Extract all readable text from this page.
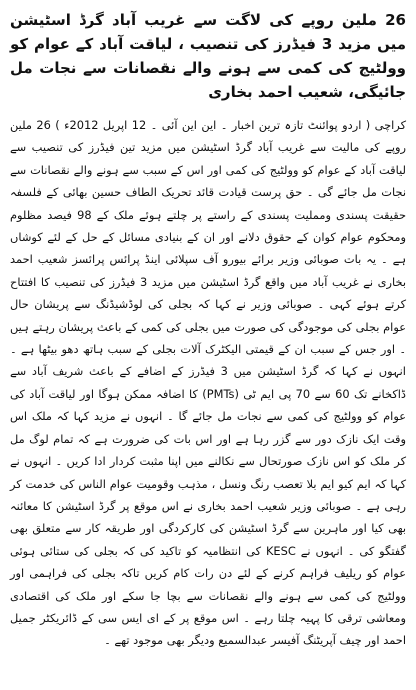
26 ملین روپے کی لاگت سے غریب آباد گرڈ اسٹیشن میں مزید 3 فیڈرز کی تنصیب ، لیاقت آباد کے عوام کو وولٹیج کی کمی سے ہونے والے نقصانات سے نجات مل جائیگی، شعیب احمد بخاری

کراچی ( اردو پوائنٹ تازہ ترین اخبار ۔ این این آئی ۔ 12 اپریل 2012ء ) 26 ملین روپے کی مالیت سے غریب آباد گرڈ اسٹیشن میں مزید تین فیڈرز کی تنصیب سے لیاقت آباد کے عوام کو وولٹیج کی کمی اور اس کے سبب سے ہونے والے نقصانات سے نجات مل جائے گی ۔ حق پرست قیادت قائد تحریک الطاف حسین بھائی کے فلسفہ حقیقت پسندی ومملیت پسندی کے راستے پر چلتے ہوئے ملک کے 98 فیصد مظلوم ومحکوم عوام کوان کے حقوق دلانے اور ان کے بنیادی مسائل کے حل کے لئے کوشاں ہے ۔ یہ بات صوبائی وزیر برائے بیورو آف سپلائی اینڈ پرائس پرائسز شعیب احمد بخاری نے غریب آباد میں واقع گرڈ اسٹیشن میں مزید 3 فیڈرز کی تنصیب کا افتتاح کرتے ہوئے کہی ۔ صوبائی وزیر نے کہا کہ بجلی کی لوڈشیڈنگ سے پریشان حال عوام بجلی کی موجودگی کی صورت میں بجلی کی کمی کے باعث پریشان رہتے ہیں ۔ اور جس کے سبب ان کے قیمتی الیکٹرک آلات بجلی کے سبب ہاتھ دھو بیٹھا ہے ۔ انہوں نے کہا کہ گرڈ اسٹیشن میں 3 فیڈرز کے اضافے کے باعث شریف آباد سے ڈاکخانے تک 60 سے 70 پی ایم ٹی (PMTs) کا اضافہ ممکن ہوگا اور لیاقت آباد کی عوام کو وولٹیج کی کمی سے نجات مل جائے گا ۔ انہوں نے مزید کہا کہ ملک اس وقت ایک نازک دور سے گزر رہا ہے اور اس بات کی ضرورت ہے کہ تمام لوگ مل کر ملک کو اس نازک صورتحال سے نکالنے میں اپنا مثبت کردار ادا کریں ۔ انہوں نے کہا کہ ایم کیو ایم بلا تعصب رنگ ونسل ، مذہب وقومیت عوام الناس کی خدمت کر رہی ہے ۔ صوبائی وزیر شعیب احمد بخاری نے اس موقع پر گرڈ اسٹیشن کا معائنہ بھی کیا اور ماہرین سے گرڈ اسٹیشن کی کارکردگی اور طریقہ کار سے متعلق بھی گفتگو کی ۔ انہوں نے KESC کی انتظامیہ کو تاکید کی کہ بجلی کی ستائی ہوئی عوام کو ریلیف فراہم کرنے کے لئے دن رات کام کریں تاکہ بجلی کی فراہمی اور وولٹیج کی کمی سے ہونے والے نقصانات سے بچا جا سکے اور ملک کی اقتصادی ومعاشی ترقی کا پہیہ چلتا رہے ۔ اس موقع پر کے ای ایس سی کے ڈائریکٹر جمیل احمد اور چیف آپریٹنگ آفیسر عبدالسمیع ودیگر بھی موجود تھے ۔
